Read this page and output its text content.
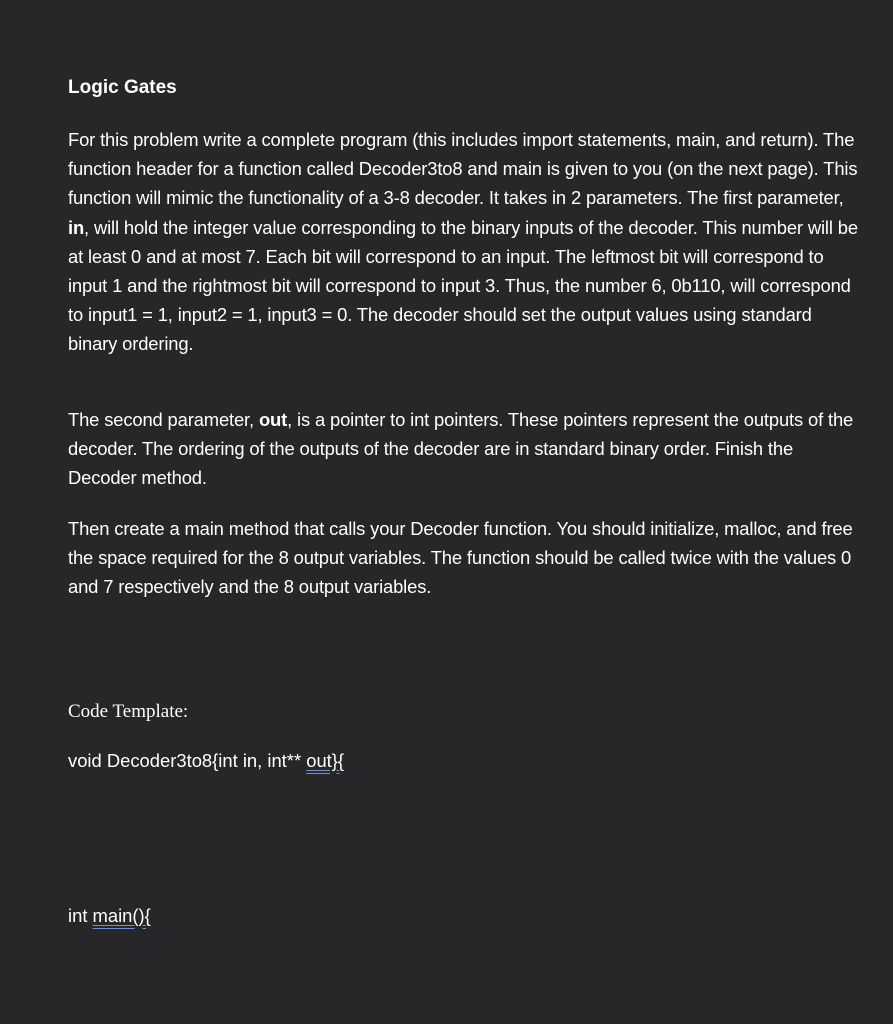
Logic Gates

For this problem write a complete program (this includes import statements, main, and return). The function header for a function called Decoder3to8 and main is given to you (on the next page). This function will mimic the functionality of a 3-8 decoder. It takes in 2 parameters. The first parameter, in, will hold the integer value corresponding to the binary inputs of the decoder. This number will be at least 0 and at most 7. Each bit will correspond to an input. The leftmost bit will correspond to input 1 and the rightmost bit will correspond to input 3. Thus, the number 6, 0b110, will correspond to input1 = 1, input2 = 1, input3 = 0. The decoder should set the output values using standard binary ordering.

The second parameter, out, is a pointer to int pointers. These pointers represent the outputs of the decoder. The ordering of the outputs of the decoder are in standard binary order. Finish the Decoder method.

Then create a main method that calls your Decoder function. You should initialize, malloc, and free the space required for the 8 output variables. The function should be called twice with the values 0 and 7 respectively and the 8 output variables.

Code Template:
void Decoder3to8{int in, int** out}{
int main(){
